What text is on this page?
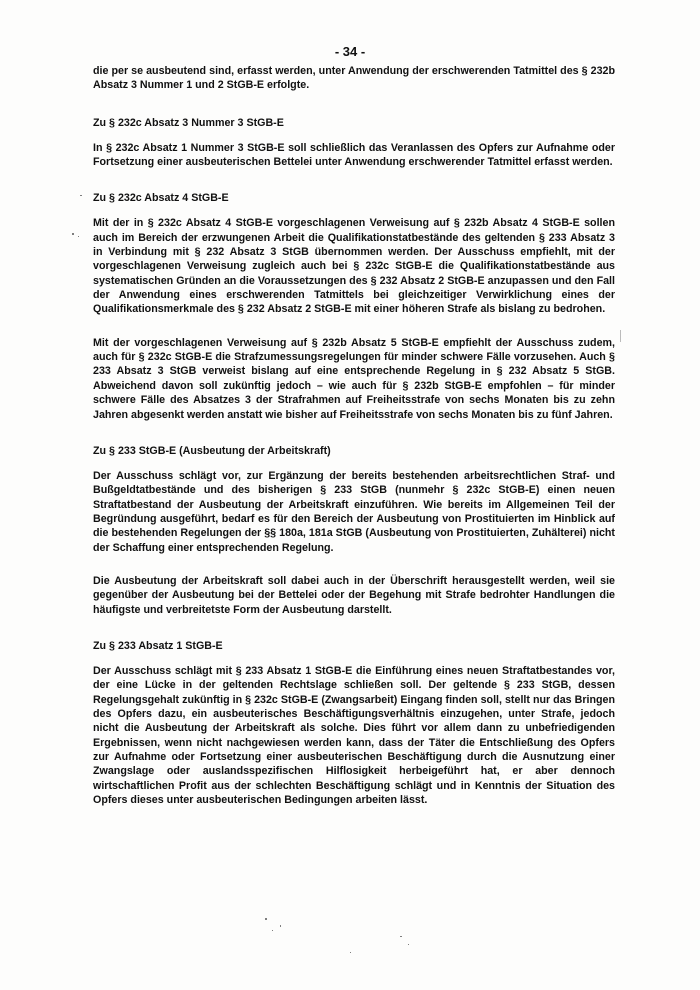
- 34 -

die per se ausbeutend sind, erfasst werden, unter Anwendung der erschwerenden Tatmittel des § 232b Absatz 3 Nummer 1 und 2 StGB-E erfolgte.

Zu § 232c Absatz 3 Nummer 3 StGB-E

In § 232c Absatz 1 Nummer 3 StGB-E soll schließlich das Veranlassen des Opfers zur Aufnahme oder Fortsetzung einer ausbeuterischen Bettelei unter Anwendung erschwerender Tatmittel erfasst werden.

Zu § 232c Absatz 4 StGB-E

Mit der in § 232c Absatz 4 StGB-E vorgeschlagenen Verweisung auf § 232b Absatz 4 StGB-E sollen auch im Bereich der erzwungenen Arbeit die Qualifikationstatbestände des geltenden § 233 Absatz 3 in Verbindung mit § 232 Absatz 3 StGB übernommen werden. Der Ausschuss empfiehlt, mit der vorgeschlagenen Verweisung zugleich auch bei § 232c StGB-E die Qualifikationstatbestände aus systematischen Gründen an die Voraussetzungen des § 232 Absatz 2 StGB-E anzupassen und den Fall der Anwendung eines erschwerenden Tatmittels bei gleichzeitiger Verwirklichung eines der Qualifikationsmerkmale des § 232 Absatz 2 StGB-E mit einer höheren Strafe als bislang zu bedrohen.

Mit der vorgeschlagenen Verweisung auf § 232b Absatz 5 StGB-E empfiehlt der Ausschuss zudem, auch für § 232c StGB-E die Strafzumessungsregelungen für minder schwere Fälle vorzusehen. Auch § 233 Absatz 3 StGB verweist bislang auf eine entsprechende Regelung in § 232 Absatz 5 StGB. Abweichend davon soll zukünftig jedoch – wie auch für § 232b StGB-E empfohlen – für minder schwere Fälle des Absatzes 3 der Strafrahmen auf Freiheitsstrafe von sechs Monaten bis zu zehn Jahren abgesenkt werden anstatt wie bisher auf Freiheitsstrafe von sechs Monaten bis zu fünf Jahren.

Zu § 233 StGB-E (Ausbeutung der Arbeitskraft)

Der Ausschuss schlägt vor, zur Ergänzung der bereits bestehenden arbeitsrechtlichen Straf- und Bußgeldtatbestände und des bisherigen § 233 StGB (nunmehr § 232c StGB-E) einen neuen Straftatbestand der Ausbeutung der Arbeitskraft einzuführen. Wie bereits im Allgemeinen Teil der Begründung ausgeführt, bedarf es für den Bereich der Ausbeutung von Prostituierten im Hinblick auf die bestehenden Regelungen der §§ 180a, 181a StGB (Ausbeutung von Prostituierten, Zuhälterei) nicht der Schaffung einer entsprechenden Regelung.

Die Ausbeutung der Arbeitskraft soll dabei auch in der Überschrift herausgestellt werden, weil sie gegenüber der Ausbeutung bei der Bettelei oder der Begehung mit Strafe bedrohter Handlungen die häufigste und verbreitetste Form der Ausbeutung darstellt.

Zu § 233 Absatz 1 StGB-E

Der Ausschuss schlägt mit § 233 Absatz 1 StGB-E die Einführung eines neuen Straftatbestandes vor, der eine Lücke in der geltenden Rechtslage schließen soll. Der geltende § 233 StGB, dessen Regelungsgehalt zukünftig in § 232c StGB-E (Zwangsarbeit) Eingang finden soll, stellt nur das Bringen des Opfers dazu, ein ausbeuterisches Beschäftigungsverhältnis einzugehen, unter Strafe, jedoch nicht die Ausbeutung der Arbeitskraft als solche. Dies führt vor allem dann zu unbefriedigenden Ergebnissen, wenn nicht nachgewiesen werden kann, dass der Täter die Entschließung des Opfers zur Aufnahme oder Fortsetzung einer ausbeuterischen Beschäftigung durch die Ausnutzung einer Zwangslage oder auslandsspezifischen Hilflosigkeit herbeigeführt hat, er aber dennoch wirtschaftlichen Profit aus der schlechten Beschäftigung schlägt und in Kenntnis der Situation des Opfers dieses unter ausbeuterischen Bedingungen arbeiten lässt.
